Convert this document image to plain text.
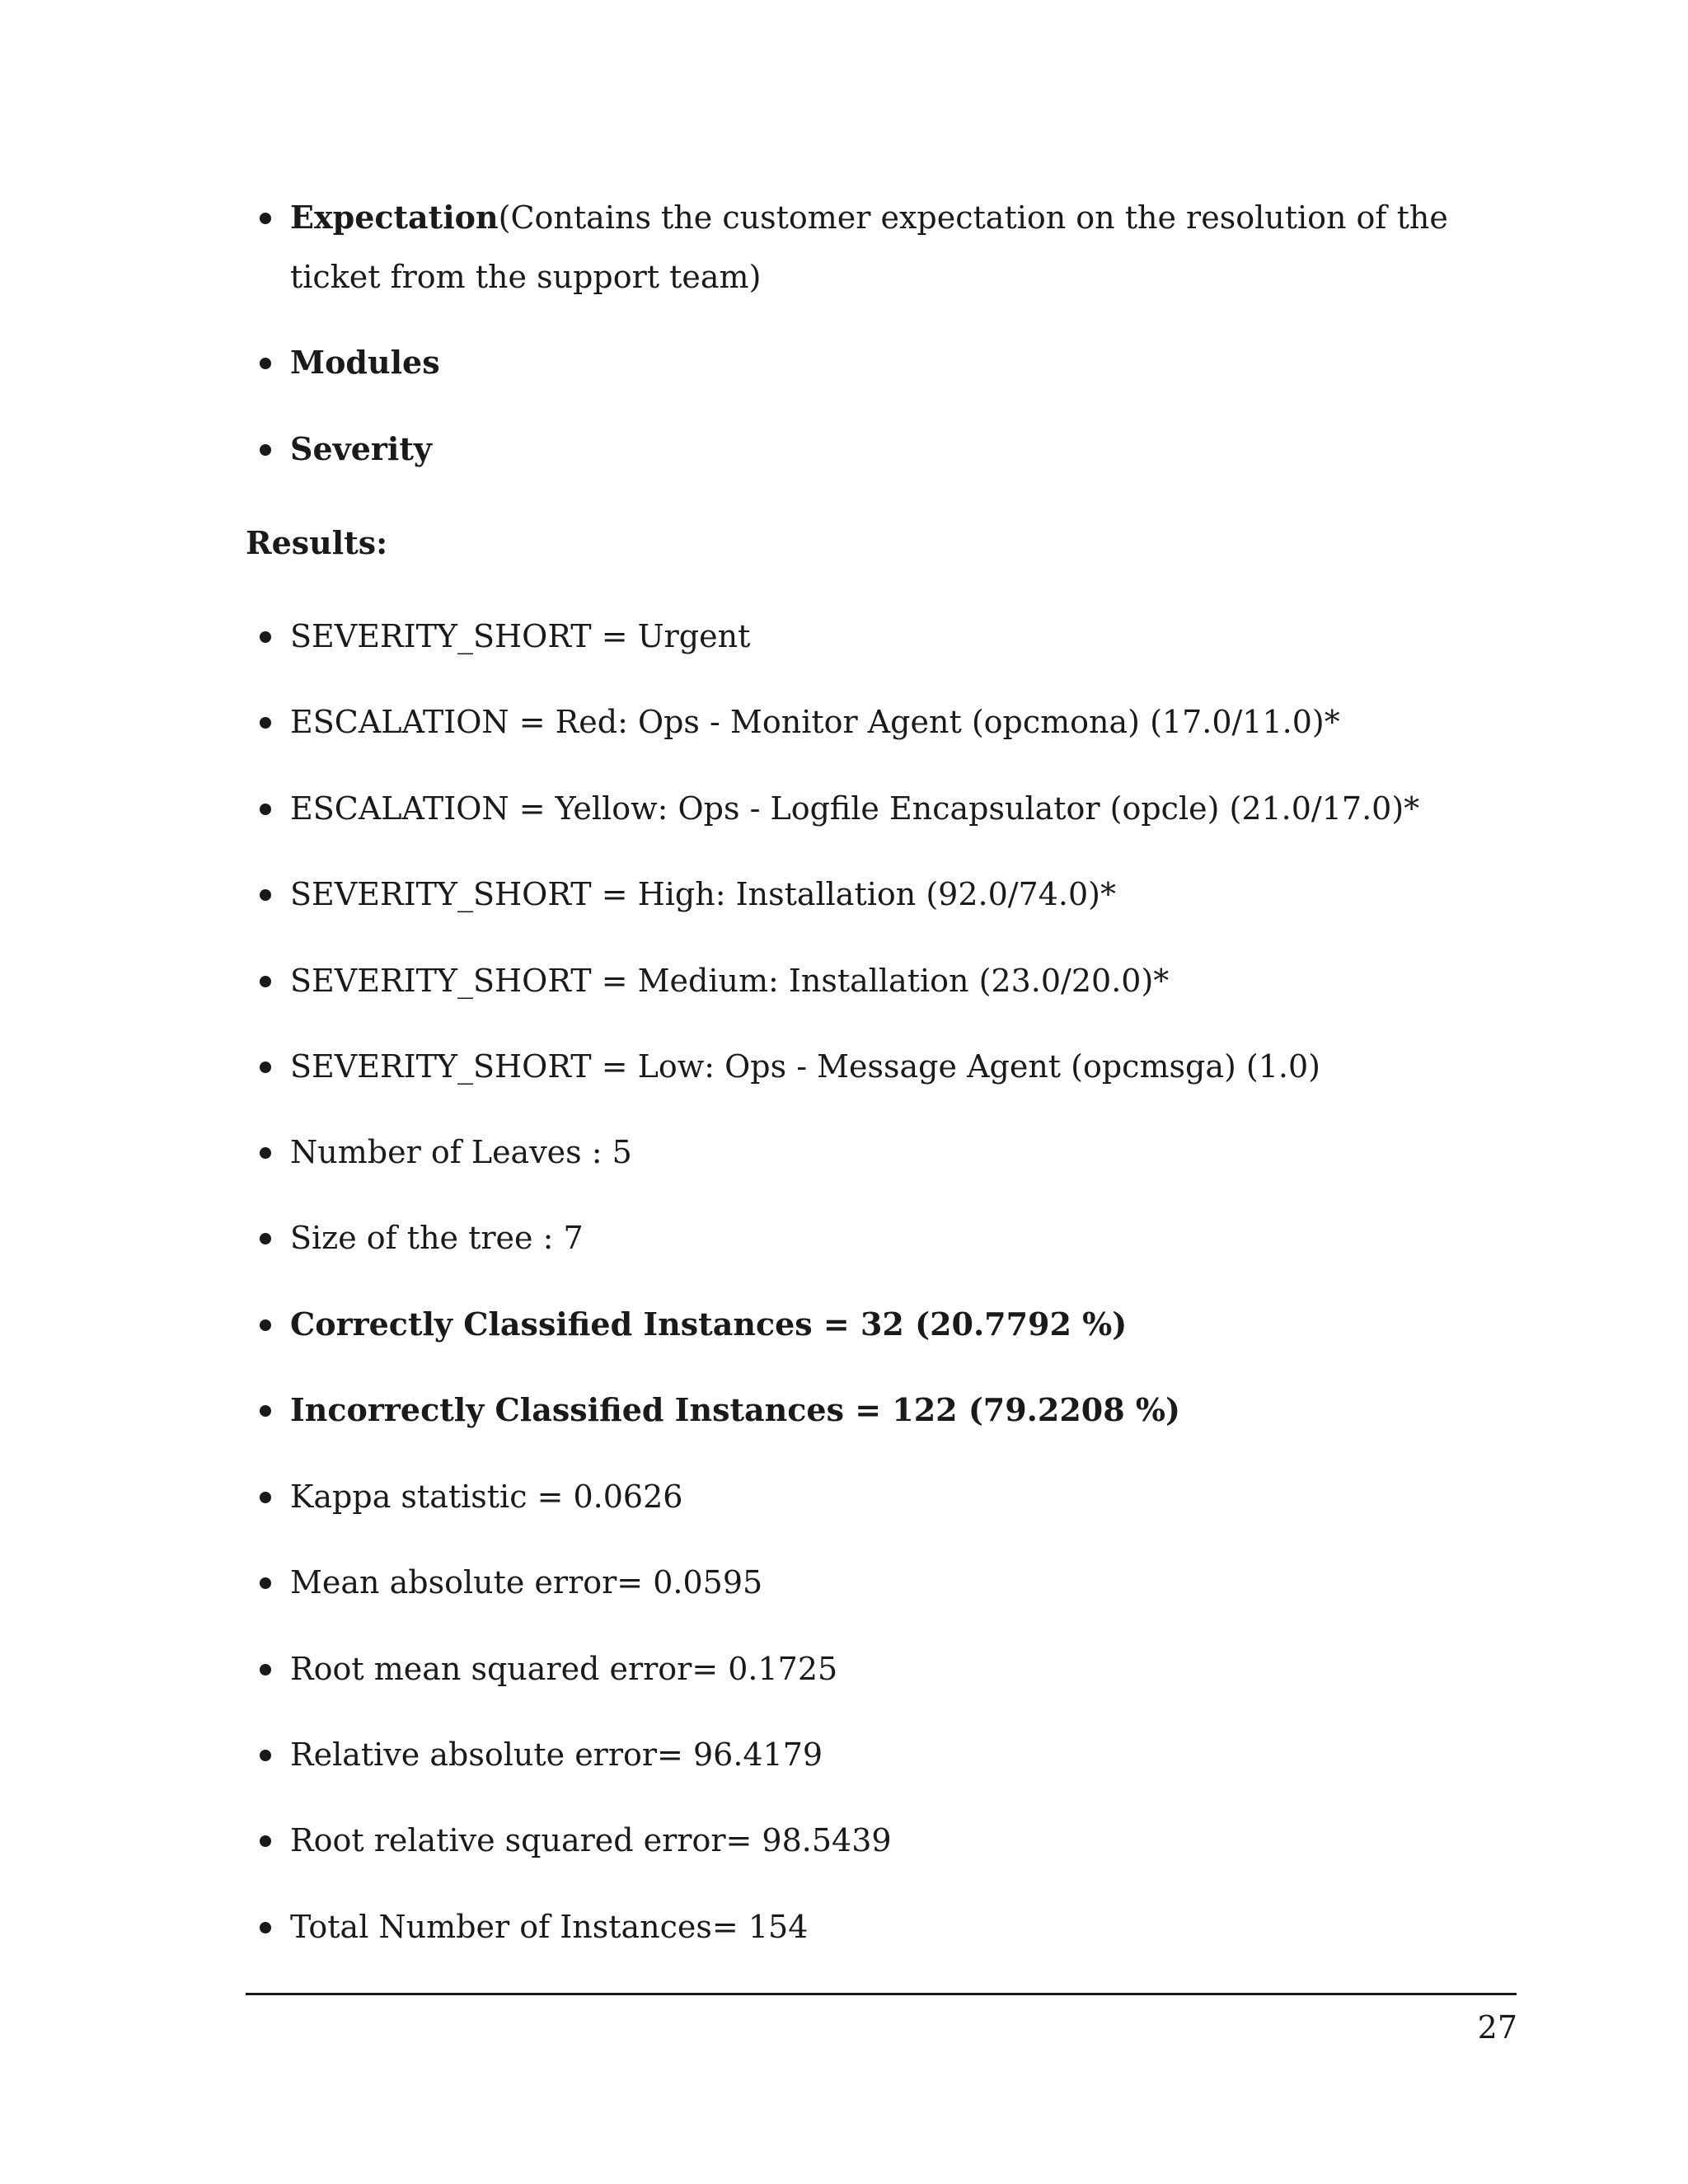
Expectation(Contains the customer expectation on the resolution of the ticket from the support team)
Modules
Severity
Results:
SEVERITY_SHORT = Urgent
ESCALATION = Red: Ops - Monitor Agent (opcmona) (17.0/11.0)*
ESCALATION = Yellow: Ops - Logfile Encapsulator (opcle) (21.0/17.0)*
SEVERITY_SHORT = High: Installation (92.0/74.0)*
SEVERITY_SHORT = Medium: Installation (23.0/20.0)*
SEVERITY_SHORT = Low: Ops - Message Agent (opcmsga) (1.0)
Number of Leaves : 5
Size of the tree : 7
Correctly Classified Instances = 32 (20.7792 %)
Incorrectly Classified Instances = 122 (79.2208 %)
Kappa statistic = 0.0626
Mean absolute error= 0.0595
Root mean squared error= 0.1725
Relative absolute error= 96.4179
Root relative squared error= 98.5439
Total Number of Instances= 154
27
